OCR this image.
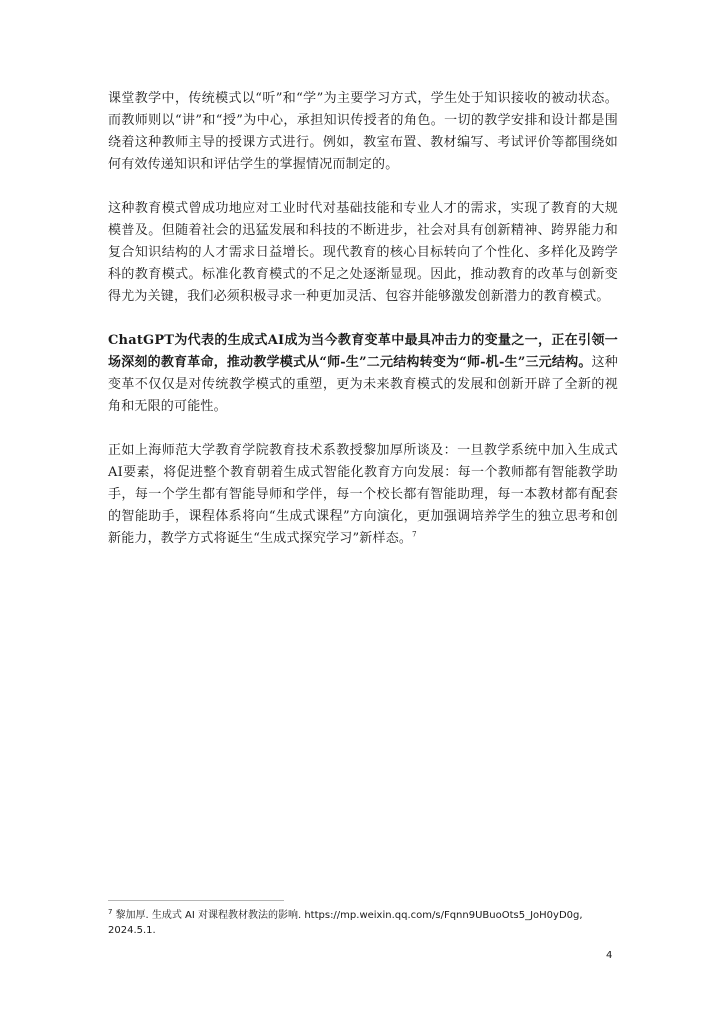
课堂教学中，传统模式以“听”和“学”为主要学习方式，学生处于知识接收的被动状态。而教师则以“讲”和“授”为中心，承担知识传授者的角色。一切的教学安排和设计都是围绕着这种教师主导的授课方式进行。例如，教室布置、教材编写、考试评价等都围绕如何有效传递知识和评估学生的掌握情况而制定的。

这种教育模式曾成功地应对工业时代对基础技能和专业人才的需求，实现了教育的大规模普及。但随着社会的迅猛发展和科技的不断进步，社会对具有创新精神、跨界能力和复合知识结构的人才需求日益增长。现代教育的核心目标转向了个性化、多样化及跨学科的教育模式。标准化教育模式的不足之处逐渐显现。因此，推动教育的改革与创新变得尤为关键，我们必须积极寻求一种更加灵活、包容并能够激发创新潜力的教育模式。

ChatGPT为代表的生成式AI成为当今教育变革中最具冲击力的变量之一，正在引领一场深刻的教育革命，推动教学模式从“师-生”二元结构转变为“师-机-生”三元结构。这种变革不仅仅是对传统教学模式的重塑，更为未来教育模式的发展和创新开辟了全新的视角和无限的可能性。

正如上海师范大学教育学院教育技术系教授黎加厚所谈及：一旦教学系统中加入生成式AI要素，将促进整个教育朝着生成式智能化教育方向发展：每一个教师都有智能教学助手，每一个学生都有智能导师和学伴，每一个校长都有智能助理，每一本教材都有配套的智能助手，课程体系将向“生成式课程”方向演化，更加强调培养学生的独立思考和创新能力，教学方式将诞生“生成式探究学习”新样态。$^7$

$^7$ 黎加厚. 生成式 AI 对课程教材教法的影响. https://mp.weixin.qq.com/s/Fqnn9UBuoOts5_JoH0yD0g, 2024.5.1.
4
